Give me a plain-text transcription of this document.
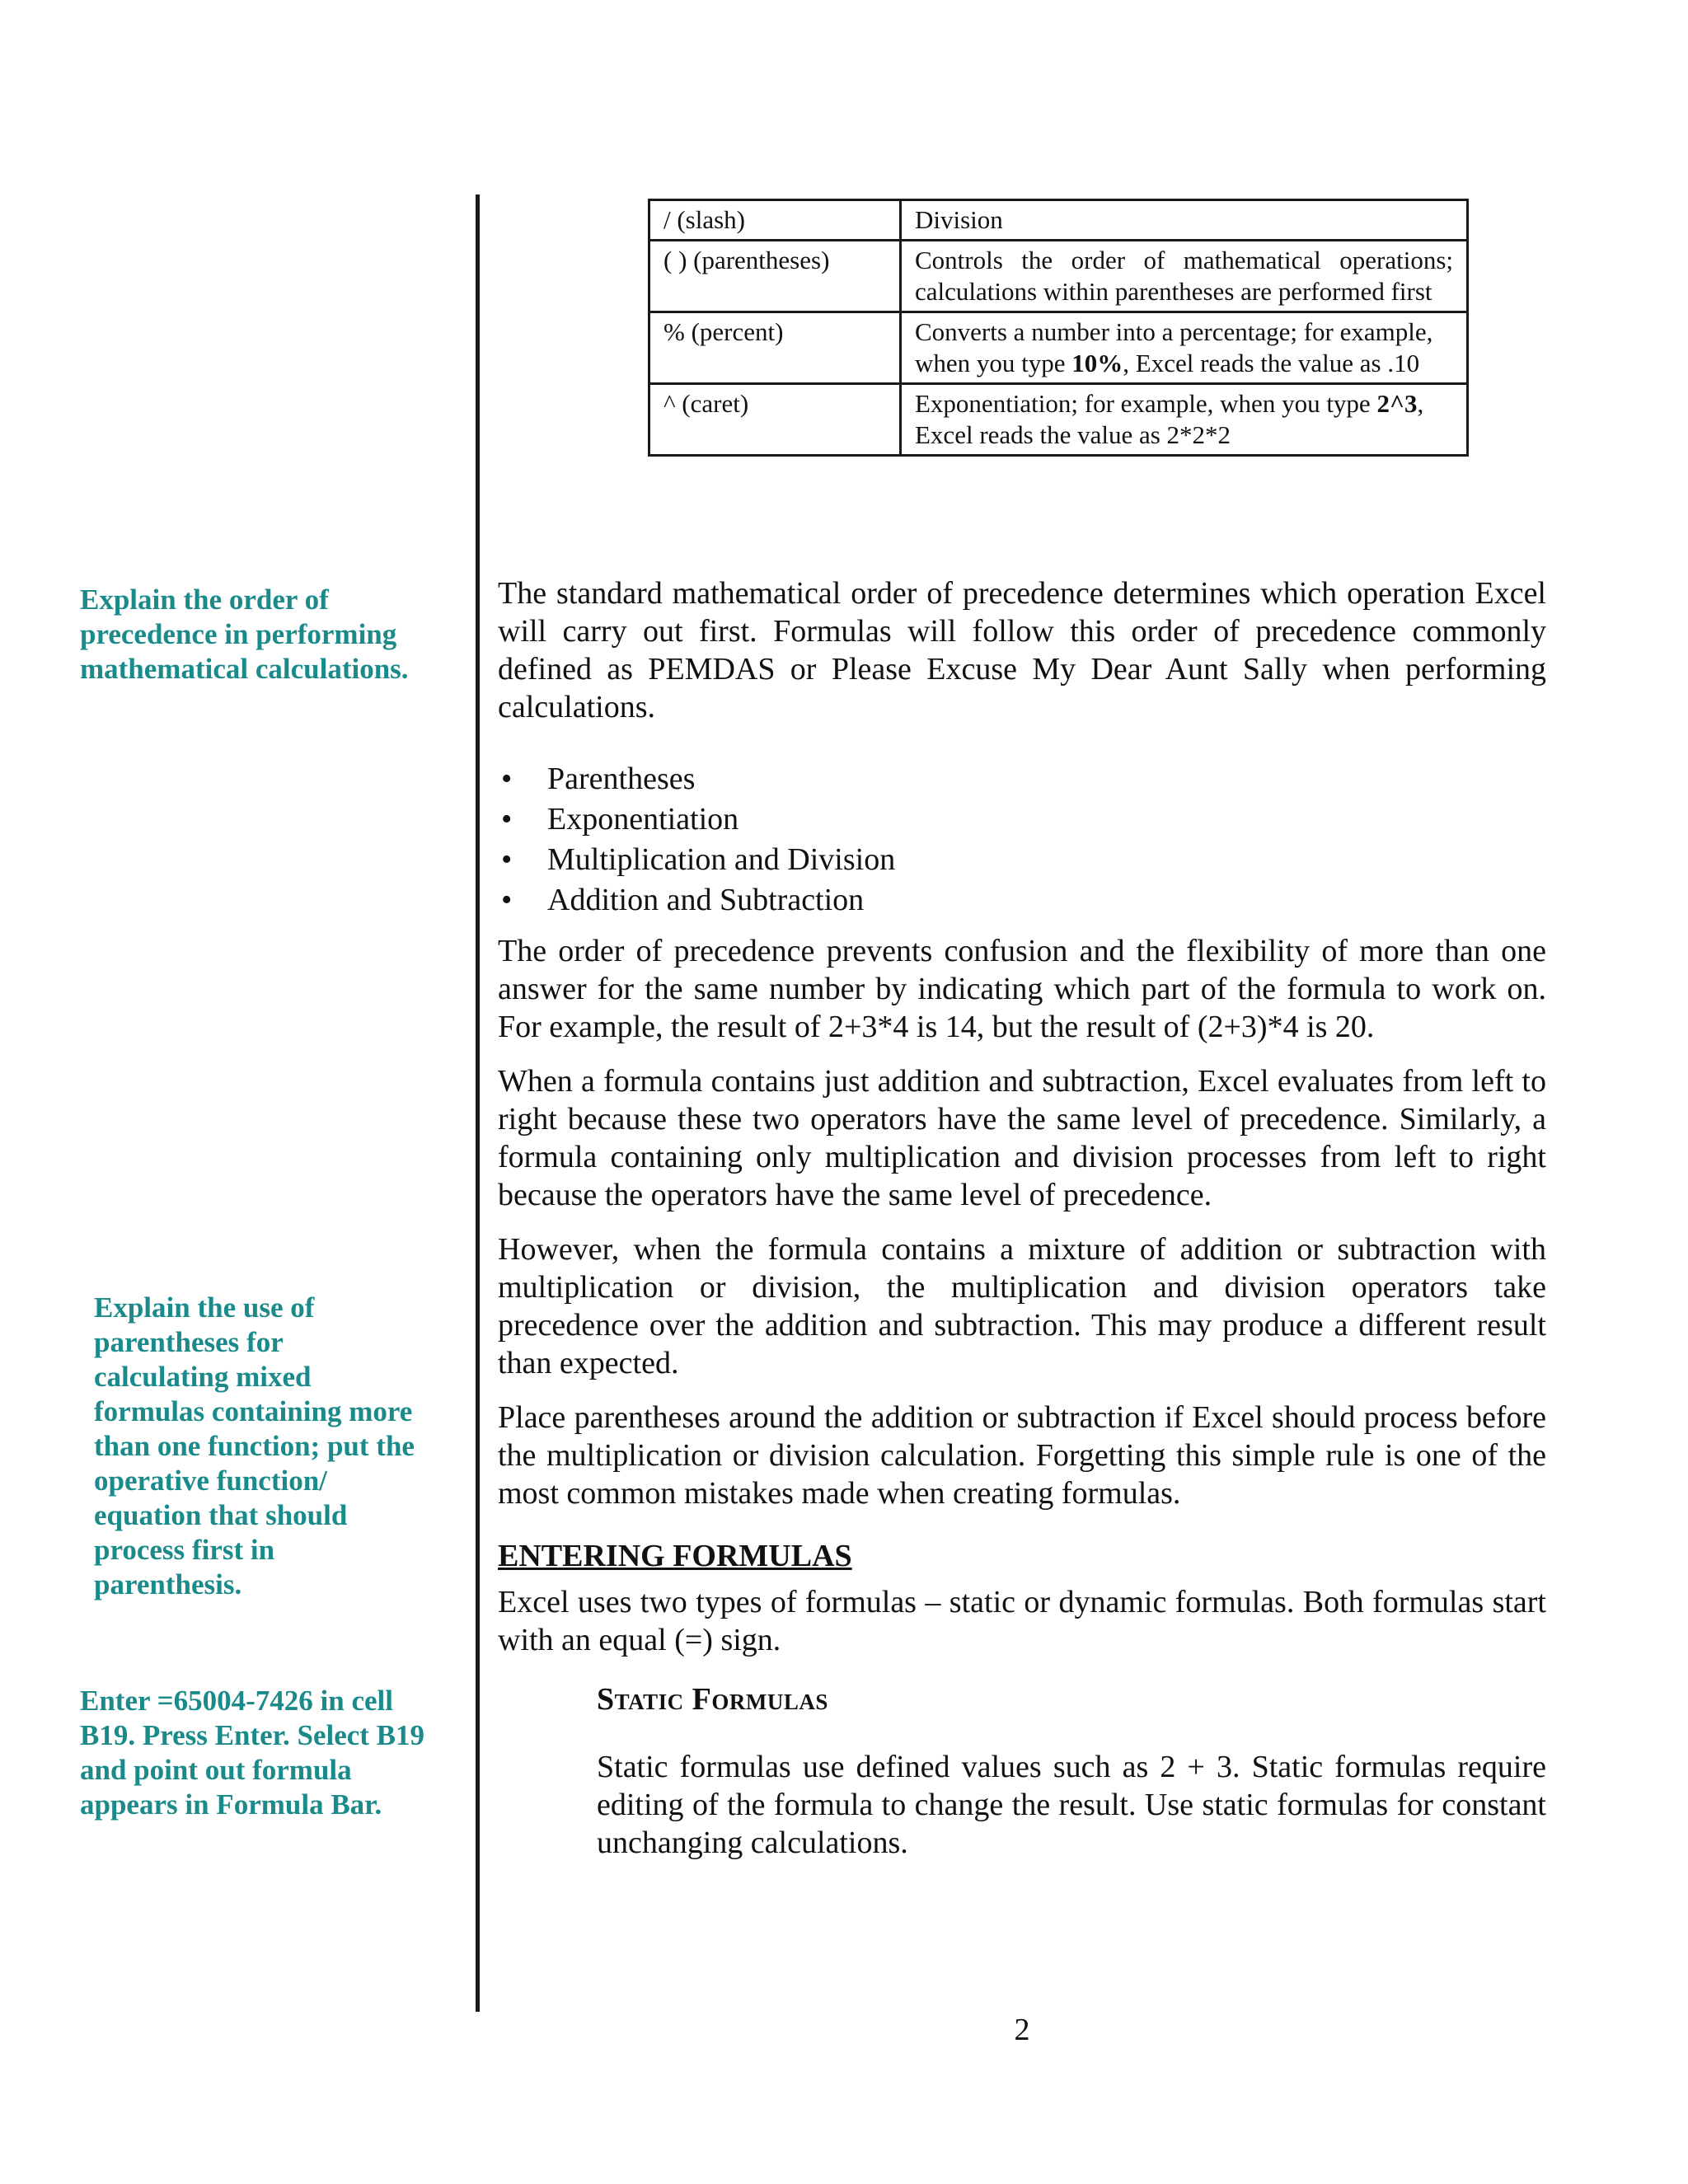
/ (slash)	Division
( ) (parentheses)	Controls the order of mathematical operations; calculations within parentheses are performed first
% (percent)	Converts a number into a percentage; for example, when you type 10%, Excel reads the value as .10
^ (caret)	Exponentiation; for example, when you type 2^3, Excel reads the value as 2*2*2

Explain the order of precedence in performing mathematical calculations.

Explain the use of parentheses for calculating mixed formulas containing more than one function; put the operative function/ equation that should process first in parenthesis.

Enter =65004-7426 in cell B19. Press Enter. Select B19 and point out formula appears in Formula Bar.

The standard mathematical order of precedence determines which operation Excel will carry out first. Formulas will follow this order of precedence commonly defined as PEMDAS or Please Excuse My Dear Aunt Sally when performing calculations.

• Parentheses
• Exponentiation
• Multiplication and Division
• Addition and Subtraction

The order of precedence prevents confusion and the flexibility of more than one answer for the same number by indicating which part of the formula to work on. For example, the result of 2+3*4 is 14, but the result of (2+3)*4 is 20.

When a formula contains just addition and subtraction, Excel evaluates from left to right because these two operators have the same level of precedence. Similarly, a formula containing only multiplication and division processes from left to right because the operators have the same level of precedence.

However, when the formula contains a mixture of addition or subtraction with multiplication or division, the multiplication and division operators take precedence over the addition and subtraction. This may produce a different result than expected.

Place parentheses around the addition or subtraction if Excel should process before the multiplication or division calculation. Forgetting this simple rule is one of the most common mistakes made when creating formulas.

ENTERING FORMULAS

Excel uses two types of formulas – static or dynamic formulas. Both formulas start with an equal (=) sign.

Static Formulas

Static formulas use defined values such as 2 + 3. Static formulas require editing of the formula to change the result. Use static formulas for constant unchanging calculations.

2
